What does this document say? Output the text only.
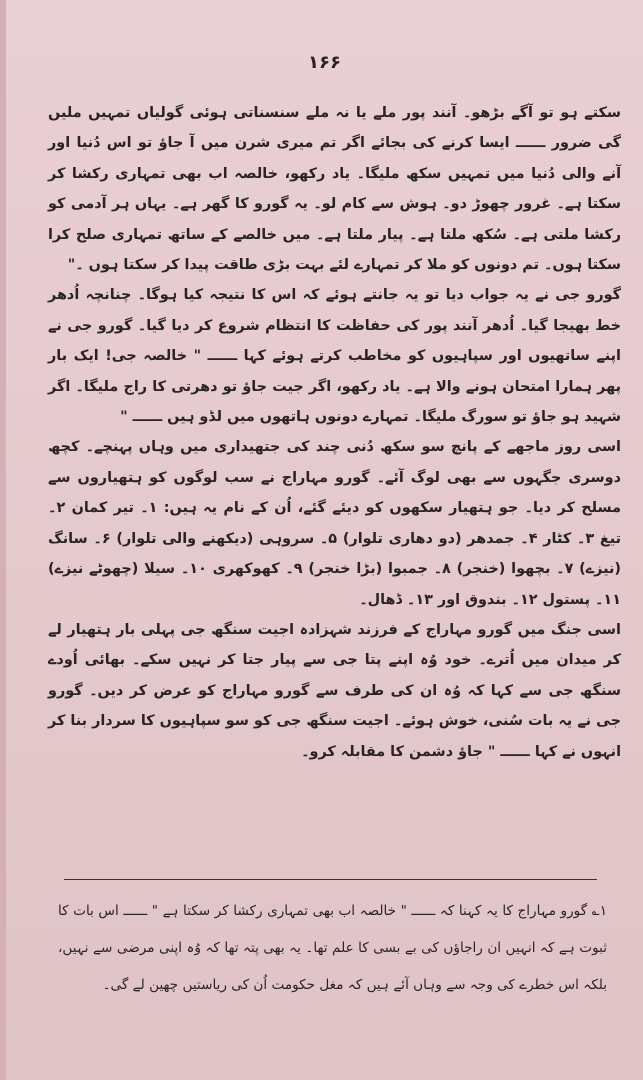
۱۶۶

سکتے ہو تو آگے بڑھو۔ آنند پور ملے یا نہ ملے سنسناتی ہوئی گولیاں تمہیں ملیں گی ضرور ــــــ ایسا کرنے کی بجائے اگر تم میری شرن میں آ جاؤ تو اس دُنیا اور آنے والی دُنیا میں تمہیں سکھ ملیگا۔ یاد رکھو، خالصہ اب بھی تمہاری رکشا کر سکتا ہے۔ غرور چھوڑ دو۔ ہوش سے کام لو۔ یہ گورو کا گھر ہے۔ یہاں ہر آدمی کو رکشا ملتی ہے۔ سُکھ ملتا ہے۔ پیار ملتا ہے۔ میں خالصے کے ساتھ تمہاری صلح کرا سکتا ہوں۔ تم دونوں کو ملا کر تمہارے لئے بہت بڑی طاقت پیدا کر سکتا ہوں ۔"

گورو جی نے یہ جواب دیا تو یہ جانتے ہوئے کہ اس کا نتیجہ کیا ہوگا۔ چنانچہ اُدھر خط بھیجا گیا۔ اُدھر آنند پور کی حفاظت کا انتظام شروع کر دیا گیا۔ گورو جی نے اپنے ساتھیوں اور سپاہیوں کو مخاطب کرتے ہوئے کہا ــــــ " خالصہ جی! ایک بار پھر ہمارا امتحان ہونے والا ہے۔ یاد رکھو، اگر جیت جاؤ تو دھرتی کا راج ملیگا۔ اگر شہید ہو جاؤ تو سورگ ملیگا۔ تمہارے دونوں ہاتھوں میں لڈو ہیں ــــــ "

اسی روز ماجھے کے پانچ سو سکھ دُنی چند کی جتھیداری میں وہاں پہنچے۔ کچھ دوسری جگہوں سے بھی لوگ آئے۔ گورو مہاراج نے سب لوگوں کو ہتھیاروں سے مسلح کر دیا۔ جو ہتھیار سکھوں کو دیئے گئے، اُن کے نام یہ ہیں: ۱۔ تیر کمان ۲۔ تیغ ۳۔ کٹار ۴۔ جمدھر (دو دھاری تلوار) ۵۔ سروہی (دیکھنے والی تلوار) ۶۔ سانگ (نیزے) ۷۔ بچھوا (خنجر) ۸۔ جمبوا (بڑا خنجر) ۹۔ کھوکھری ۱۰۔ سیلا (چھوٹے نیزے) ۱۱۔ پستول ۱۲۔ بندوق اور ۱۳۔ ڈھال۔

اسی جنگ میں گورو مہاراج کے فرزند شہزادہ اجیت سنگھ جی پہلی بار ہتھیار لے کر میدان میں اُترے۔ خود وُہ اپنے پتا جی سے پیار جتا کر نہیں سکے۔ بھائی اُودے سنگھ جی سے کہا کہ وُہ ان کی طرف سے گورو مہاراج کو عرض کر دیں۔ گورو جی نے یہ بات سُنی، خوش ہوئے۔ اجیت سنگھ جی کو سو سپاہیوں کا سردار بنا کر انہوں نے کہا ــــــ " جاؤ دشمن کا مقابلہ کرو۔

۱؎ گورو مہاراج کا یہ کہنا کہ ــــــ " خالصہ اب بھی تمہاری رکشا کر سکتا ہے " ــــــ اس بات کا ثبوت ہے کہ انہیں ان راجاؤں کی بے بسی کا علم تھا۔ یہ بھی پتہ تھا کہ وُہ اپنی مرضی سے نہیں، بلکہ اس خطرے کی وجہ سے وہاں آئے ہیں کہ مغل حکومت اُن کی ریاستیں چھین لے گی۔
